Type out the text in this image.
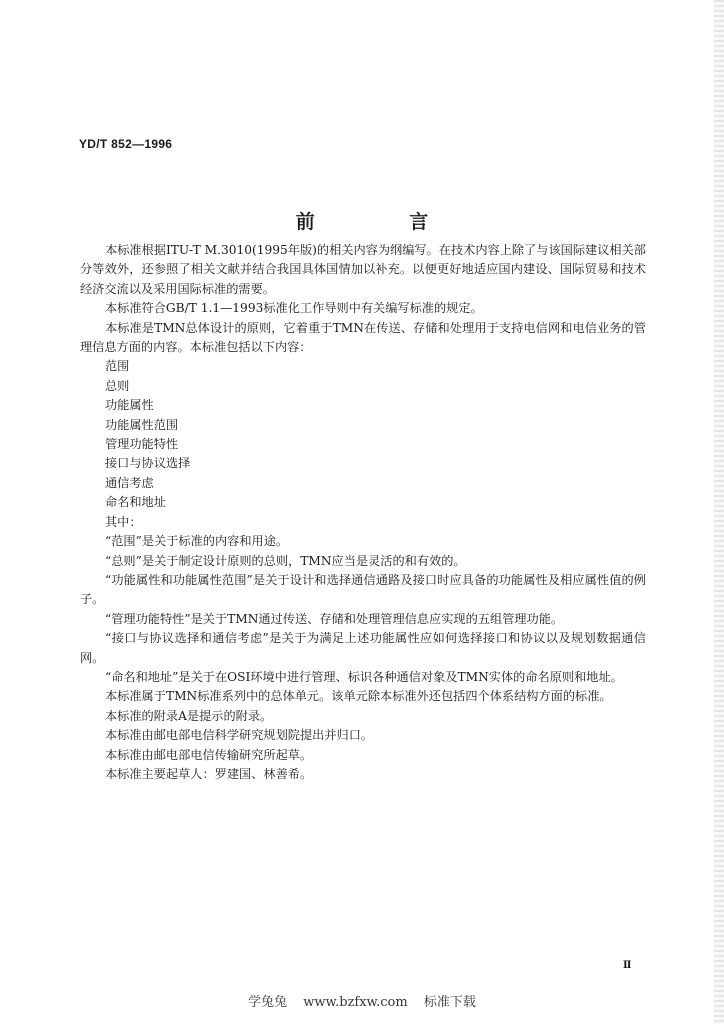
YD/T 852—1996
前 言

本标准根据ITU-T M.3010(1995年版)的相关内容为纲编写。在技术内容上除了与该国际建议相关部分等效外，还参照了相关文献并结合我国具体国情加以补充。以便更好地适应国内建设、国际贸易和技术经济交流以及采用国际标准的需要。

本标准符合GB/T 1.1—1993标准化工作导则中有关编写标准的规定。

本标准是TMN总体设计的原则，它着重于TMN在传送、存储和处理用于支持电信网和电信业务的管理信息方面的内容。本标准包括以下内容：

范围

总则

功能属性

功能属性范围

管理功能特性

接口与协议选择

通信考虑

命名和地址

其中：

“范围”是关于标准的内容和用途。

“总则”是关于制定设计原则的总则，TMN应当是灵活的和有效的。

“功能属性和功能属性范围”是关于设计和选择通信通路及接口时应具备的功能属性及相应属性值的例子。

“管理功能特性”是关于TMN通过传送、存储和处理管理信息应实现的五组管理功能。

“接口与协议选择和通信考虑”是关于为满足上述功能属性应如何选择接口和协议以及规划数据通信网。

“命名和地址”是关于在OSI环境中进行管理、标识各种通信对象及TMN实体的命名原则和地址。

本标准属于TMN标准系列中的总体单元。该单元除本标准外还包括四个体系结构方面的标准。

本标准的附录A是提示的附录。

本标准由邮电部电信科学研究规划院提出并归口。

本标准由邮电部电信传输研究所起草。

本标准主要起草人：罗建国、林善希。

Ⅱ
学兔兔 www.bzfxw.com 标准下载
